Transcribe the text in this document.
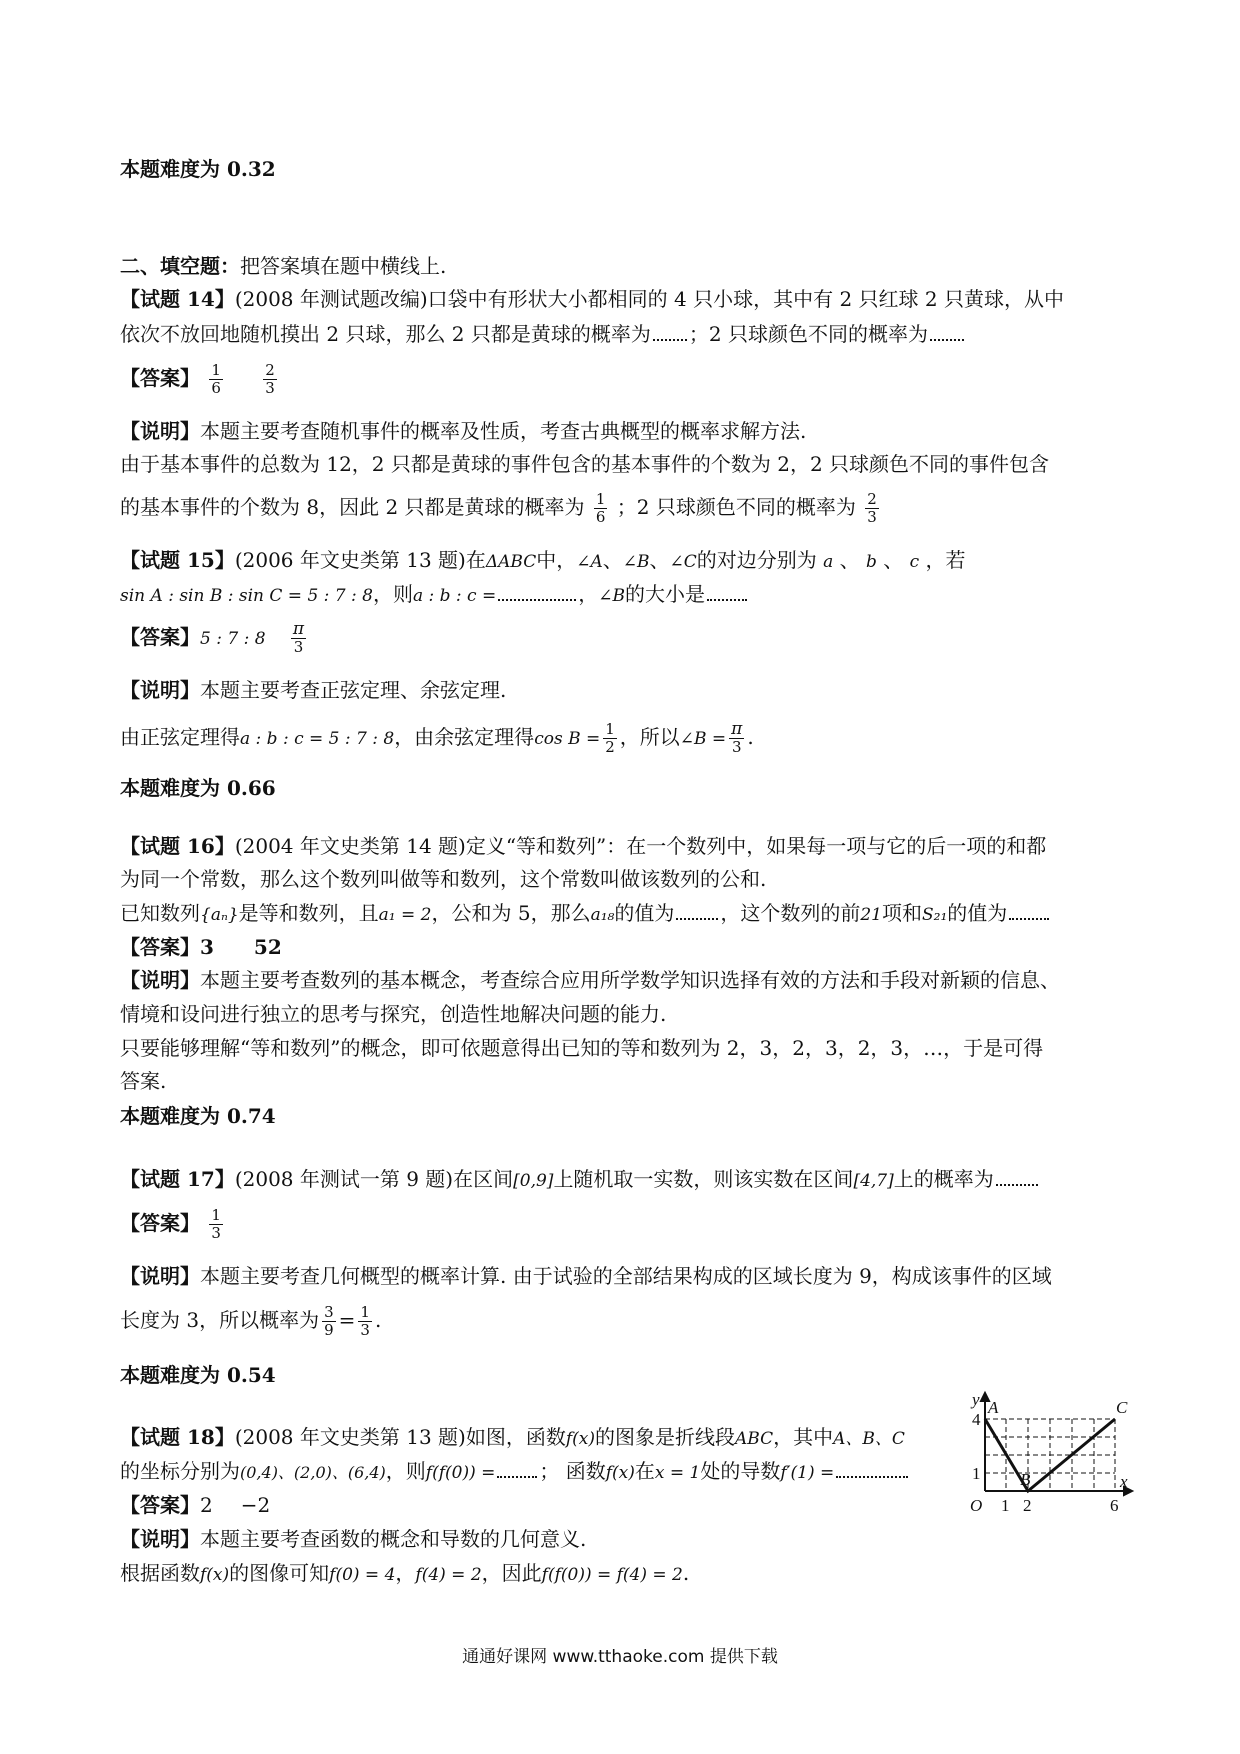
本题难度为 0.32
二、填空题：把答案填在题中横线上.
【试题 14】(2008 年测试题改编)口袋中有形状大小都相同的 4 只小球，其中有 2 只红球 2 只黄球，从中
依次不放回地随机摸出 2 只球，那么 2 只都是黄球的概率为 ；2 只球颜色不同的概率为
【答案】 $\frac{1}{6}$
	$\frac{2}{3}$
【说明】本题主要考查随机事件的概率及性质，考查古典概型的概率求解方法.
由于基本事件的总数为 12，2 只都是黄球的事件包含的基本事件的个数为 2，2 只球颜色不同的事件包含
的基本事件的个数为 8，因此 2 只都是黄球的概率为 $\frac{1}{6}$ ；2 只球颜色不同的概率为 $\frac{2}{3}$
【试题 15】(2006 年文史类第 13 题)在ΔABC中，∠A、∠B、∠C的对边分别为 a 、 b 、 c ，若
sin A : sin B : sin C = 5 : 7 : 8，则a : b : c =	，∠B的大小是
【答案】5 : 7 : $8 \frac{\pi}{3}$
【说明】本题主要考查正弦定理、余弦定理.
由正弦定理得a : b : c = 5 : 7 : 8，由余弦定理得$\cos B = \frac{1}{2}$ ，所以∠B = $\frac{\pi}{3}$ .
本题难度为 0.66
【试题 16】(2004 年文史类第 14 题)定义“等和数列”：在一个数列中，如果每一项与它的后一项的和都
为同一个常数，那么这个数列叫做等和数列，这个常数叫做该数列的公和.
已知数列{aₙ}是等和数列，且a₁ = 2，公和为 5，那么a₁₈的值为 ，这个数列的前21项和S₂₁的值为
【答案】3 52
【说明】本题主要考查数列的基本概念，考查综合应用所学数学知识选择有效的方法和手段对新颖的信息、
情境和设问进行独立的思考与探究，创造性地解决问题的能力.
只要能够理解“等和数列”的概念，即可依题意得出已知的等和数列为 2，3，2，3，2，3，…，于是可得
答案.
本题难度为 0.74
【试题 17】(2008 年测试一第 9 题)在区间[0,9]上随机取一实数，则该实数在区间[4,7]上的概率为
【答案】 $\frac{1}{3}$
【说明】本题主要考查几何概型的概率计算. 由于试验的全部结果构成的区域长度为 9，构成该事件的区域
长度为 3，所以概率为 $\frac{3}{9} = \frac{1}{3}$ .
本题难度为 0.54
【试题 18】(2008 年文史类第 13 题)如图，函数f(x)的图象是折线段ABC，其中A、B、C
的坐标分别为(0,4)、(2,0)、(6,4)，则f(f(0)) = ； 函数f(x)在x = 1处的导数f′(1) =
【答案】2 −2
【说明】本题主要考查函数的概念和导数的几何意义.
根据函数f(x)的图像可知f(0) = 4，f(4) = 2，因此f(f(0)) = f(4) = 2.
y A	C
B
4
1	x
O 1 2	6
通通好课网 www.tthaoke.com 提供下载
